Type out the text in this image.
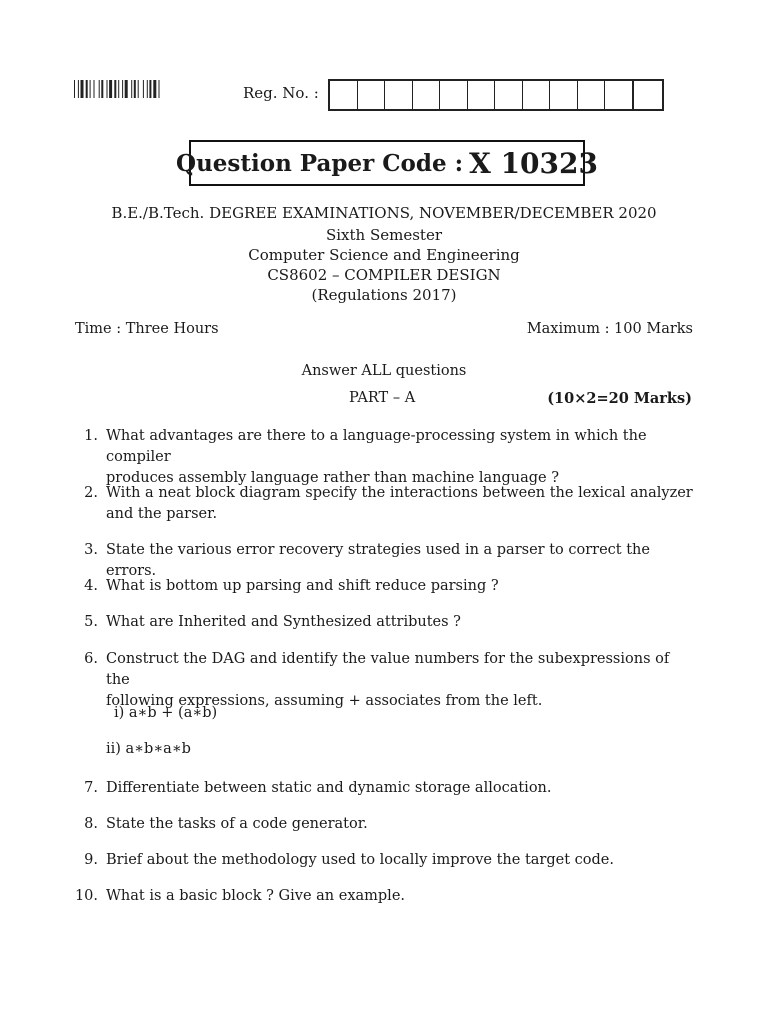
Reg. No. :
Question Paper Code : X 10323
B.E./B.Tech. DEGREE EXAMINATIONS, NOVEMBER/DECEMBER 2020
Sixth Semester
Computer Science and Engineering
CS8602 – COMPILER DESIGN
(Regulations 2017)
Time : Three Hours	Maximum : 100 Marks
Answer ALL questions
PART – A	(10×2=20 Marks)
1. What advantages are there to a language-processing system in which the compiler
produces assembly language rather than machine language ?
2. With a neat block diagram specify the interactions between the lexical analyzer
and the parser.
3. State the various error recovery strategies used in a parser to correct the errors.
4. What is bottom up parsing and shift reduce parsing ?
5. What are Inherited and Synthesized attributes ?
6. Construct the DAG and identify the value numbers for the subexpressions of the
following expressions, assuming + associates from the left.
7. Differentiate between static and dynamic storage allocation.
8. State the tasks of a code generator.
9. Brief about the methodology used to locally improve the target code.
10. What is a basic block ? Give an example.
i) a∗b + (a∗b)
ii) a∗b∗a∗b
